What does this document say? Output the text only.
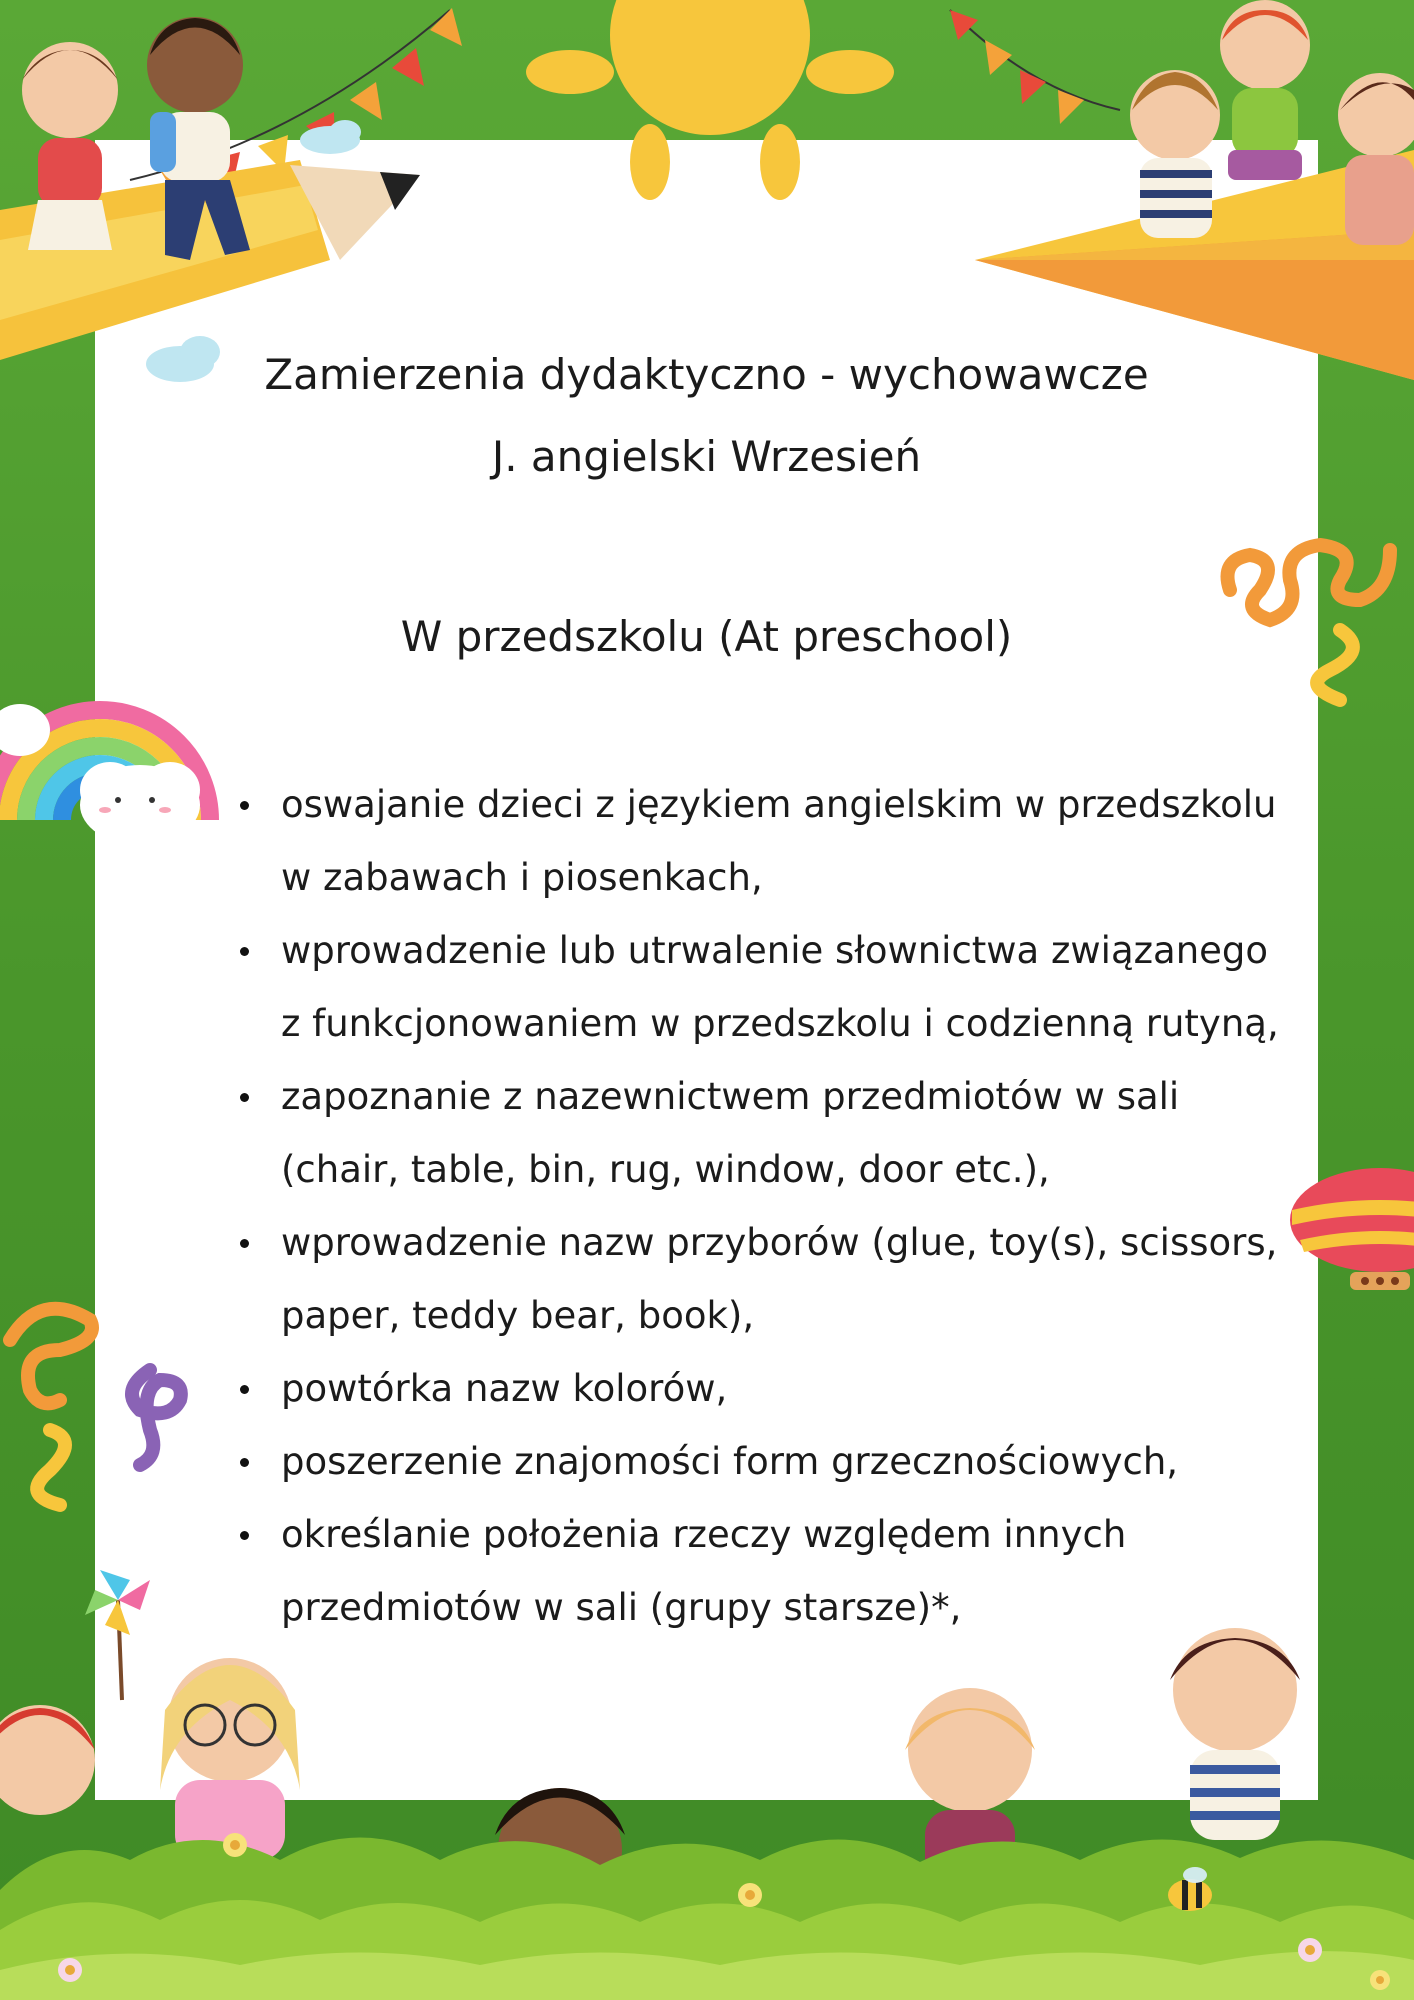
Zamierzenia dydaktyczno - wychowawcze
J. angielski Wrzesień
W przedszkolu (At preschool)
oswajanie dzieci z językiem angielskim w przedszkolu
w zabawach i piosenkach,
wprowadzenie lub utrwalenie słownictwa związanego
z funkcjonowaniem w przedszkolu i codzienną rutyną,
zapoznanie z nazewnictwem przedmiotów w sali
(chair, table, bin, rug, window, door etc.),
wprowadzenie nazw przyborów (glue, toy(s), scissors,
paper, teddy bear, book),
powtórka nazw kolorów,
poszerzenie znajomości form grzecznościowych,
określanie położenia rzeczy względem innych
przedmiotów w sali (grupy starsze)*,
